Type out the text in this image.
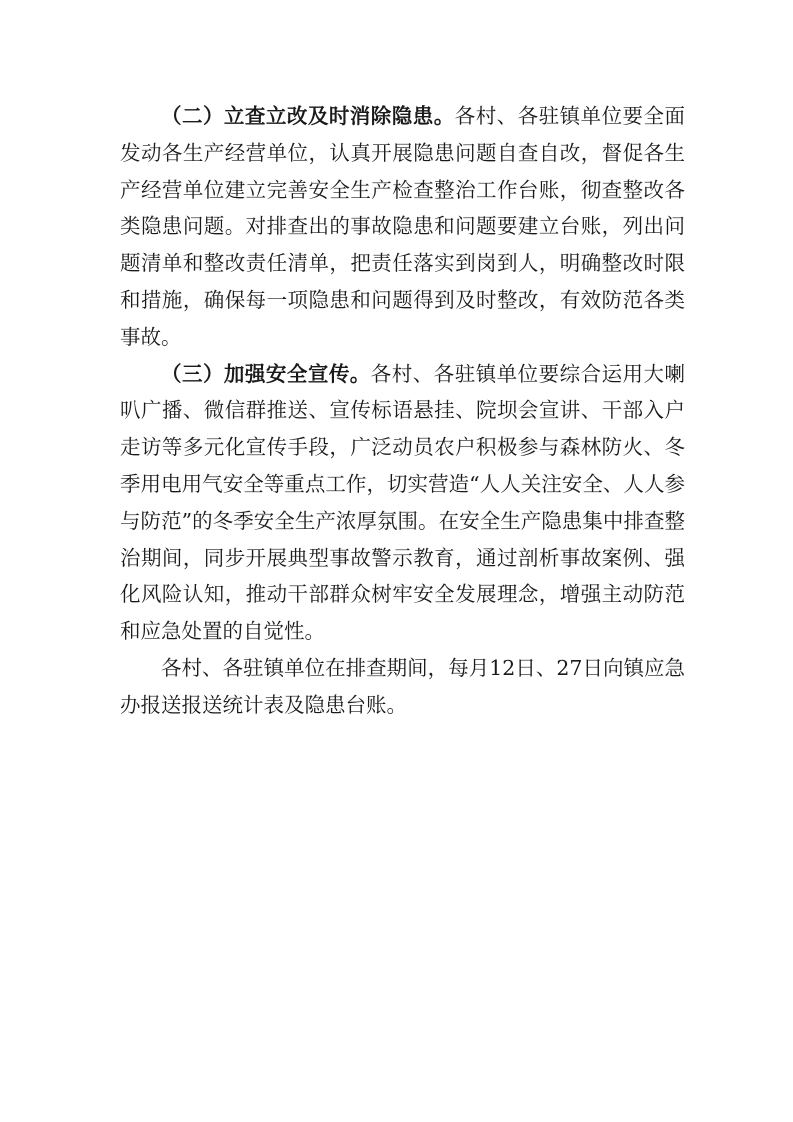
（二）立查立改及时消除隐患。各村、各驻镇单位要全面发动各生产经营单位，认真开展隐患问题自查自改，督促各生产经营单位建立完善安全生产检查整治工作台账，彻查整改各类隐患问题。对排查出的事故隐患和问题要建立台账，列出问题清单和整改责任清单，把责任落实到岗到人，明确整改时限和措施，确保每一项隐患和问题得到及时整改，有效防范各类事故。

（三）加强安全宣传。各村、各驻镇单位要综合运用大喇叭广播、微信群推送、宣传标语悬挂、院坝会宣讲、干部入户走访等多元化宣传手段，广泛动员农户积极参与森林防火、冬季用电用气安全等重点工作，切实营造“人人关注安全、人人参与防范”的冬季安全生产浓厚氛围。在安全生产隐患集中排查整治期间，同步开展典型事故警示教育，通过剖析事故案例、强化风险认知，推动干部群众树牢安全发展理念，增强主动防范和应急处置的自觉性。

各村、各驻镇单位在排查期间，每月12日、27日向镇应急办报送报送统计表及隐患台账。
